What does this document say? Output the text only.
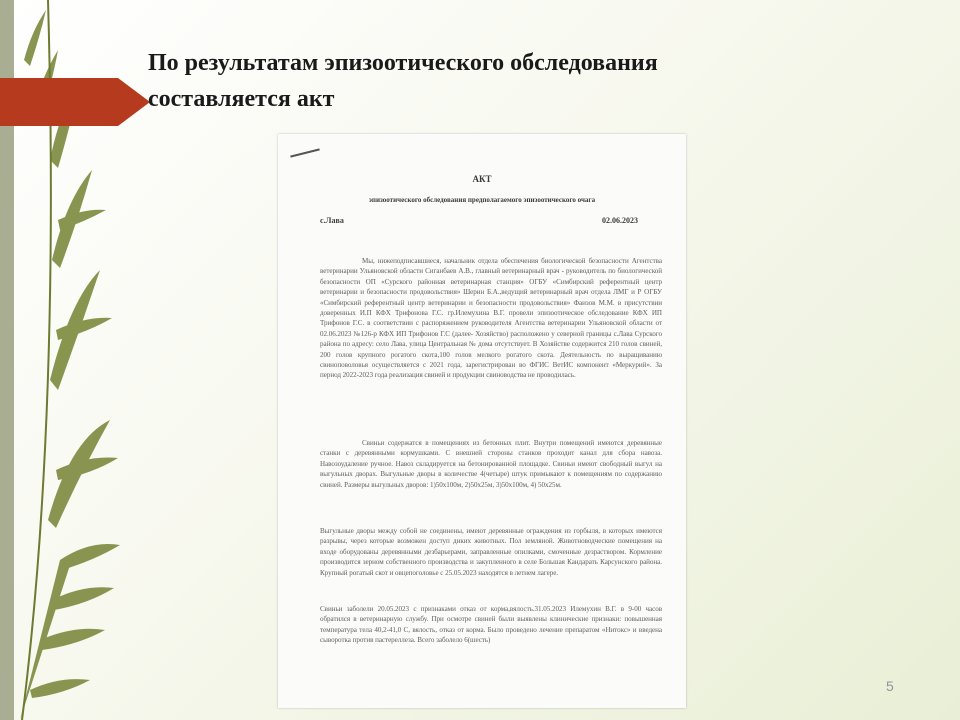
По результатам эпизоотического обследования
составляется акт
АКТ
эпизоотического обследования предполагаемого эпизоотического очага
с.Лава	02.06.2023
Мы, нижеподписавшиеся, начальник отдела обеспечения биологической безопасности Агентства ветеринарии Ульяновской области Сиганбаев А.В., главный ветеринарный врач - руководитель по биологической безопасности ОП «Сурского районная ветеринарная станция» ОГБУ «Симбирский референтный центр ветеринарии и безопасности продовольствия» Шерин Б.А.,ведущий ветеринарный врач отдела ЛМГ и Р ОГБУ «Симбирский референтный центр ветеринарии и безопасности продовольствия» Фаизов М.М. в присутствии доверенных И.П КФХ Трифонова Г.С. гр.Илемухина В.Г. провели эпизоотическое обследование КФХ ИП Трифонов Г.С. в соответствии с распоряжением руководителя Агентства ветеринарии Ульяновской области от 02.06.2023 №126-р КФХ ИП Трифонов Г.С (далее- Хозяйство) расположено у северной границы с.Лава Сурского района по адресу: село Лава, улица Центральная № дома отсутствует. В Хозяйстве содержится 210 голов свиней, 200 голов крупного рогатого скота,100 голов мелкого рогатого скота. Деятельность по выращиванию свиноповоловья осуществляется с 2021 года, зарегистрирован во ФГИС ВетИС компонент «Меркурий». За период 2022-2023 года реализация свиней и продукции свиноводства не проводилась.
Свиньи содержатся в помещениях из бетонных плит. Внутри помещений имеются деревянные станки с деревянными кормушками. С внешней стороны станков проходит канал для сбора навоза. Навозоудаление ручное. Навоз складируется на бетонированной площадке. Свиньи имеют свободный выгул на выгульных дворах. Выгульные дворы в количестве 4(четыре) штук примыкают к помещениям по содержанию свиней. Размеры выгульных дворов: 1)50х100м, 2)50х25м, 3)50х100м, 4) 50х25м.
Выгульные дворы между собой не соединены, имеют деревянные ограждения из горбыля, в которых имеются разрывы, через которые возможен доступ диких животных. Пол земляной. Животноводческие помещения на входе оборудованы деревянными дезбарьерами, заправленные опилками, смоченные дезраствором. Кормление производится зерном собственного производства и закупленного в селе Большая Кандарать Карсунского района. Крупный рогатый скот и овцепоголовье с 25.05.2023 находятся в летнем лагере.
Свиньи заболели 20.05.2023 с признаками отказ от корма,вялость.31.05.2023 Илемухин В.Г. в 9-00 часов обратился в ветеринарную службу. При осмотре свиней были выявлены клинические признаки: повышенная температура тела 40,2-41,0 С, вялость, отказ от корма. Было проведено лечение препаратом «Нитокс» и введена сыворотка против пастереллеза. Всего заболело 6(шесть)
5
